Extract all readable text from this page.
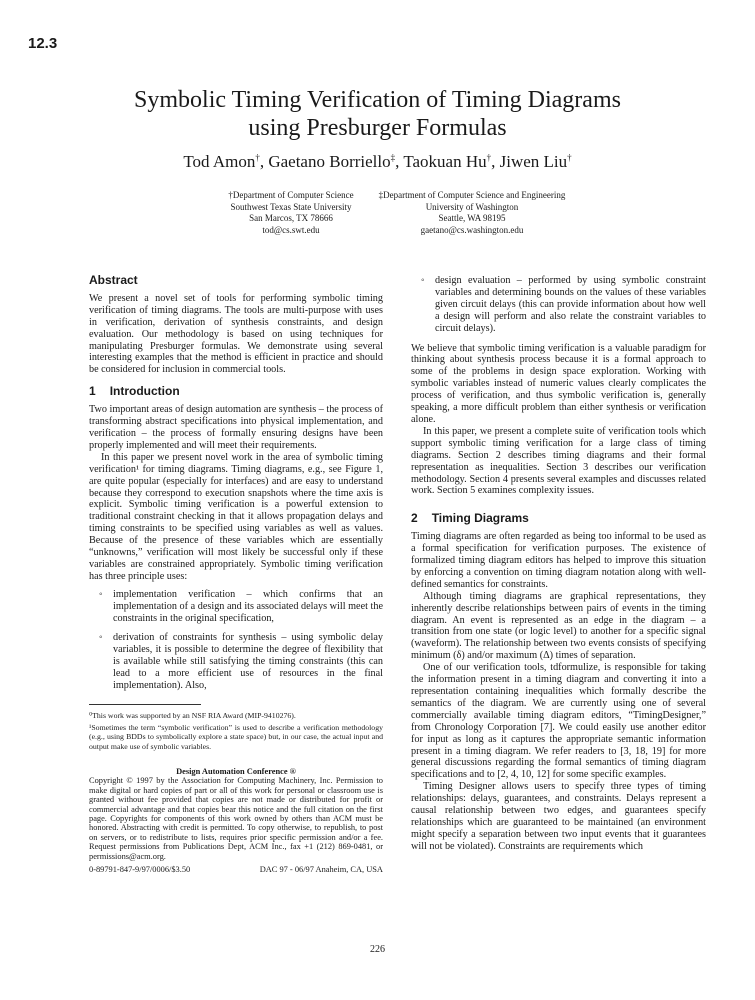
12.3
Symbolic Timing Verification of Timing Diagrams
using Presburger Formulas
Tod Amon†, Gaetano Borriello‡, Taokuan Hu†, Jiwen Liu†
†Department of Computer Science
Southwest Texas State University
San Marcos, TX 78666
tod@cs.swt.edu
‡Department of Computer Science and Engineering
University of Washington
Seattle, WA 98195
gaetano@cs.washington.edu
Abstract

We present a novel set of tools for performing symbolic timing verification of timing diagrams. The tools are multi-purpose with uses in verification, derivation of synthesis constraints, and design evaluation. Our methodology is based on using techniques for manipulating Presburger formulas. We demonstrate using several interesting examples that the method is efficient in practice and should be considered for inclusion in commercial tools.

1 Introduction

Two important areas of design automation are synthesis – the process of transforming abstract specifications into physical implementation, and verification – the process of formally ensuring designs have been properly implemented and will meet their requirements.

In this paper we present novel work in the area of symbolic timing verification¹ for timing diagrams. Timing diagrams, e.g., see Figure 1, are quite popular (especially for interfaces) and are easy to understand because they correspond to execution snapshots where the time axis is explicit. Symbolic timing verification is a powerful extension to traditional constraint checking in that it allows propagation delays and timing constraints to be specified using variables as well as values. Because of the presence of these variables which are essentially “unknowns,” verification will most likely be successful only if these variables are constrained appropriately. Symbolic timing verification has three principle uses:

◦ implementation verification – which confirms that an implementation of a design and its associated delays will meet the constraints in the original specification,
◦ derivation of constraints for synthesis – using symbolic delay variables, it is possible to determine the degree of flexibility that is available while still satisfying the timing constraints (this can lead to a more efficient use of resources in the final implementation). Also,

⁰This work was supported by an NSF RIA Award (MIP-9410276).

¹Sometimes the term “symbolic verification” is used to describe a verification methodology (e.g., using BDDs to symbolically explore a state space) but, in our case, the actual input and output make use of symbolic variables.

Design Automation Conference ®

Copyright © 1997 by the Association for Computing Machinery, Inc. Permission to make digital or hard copies of part or all of this work for personal or classroom use is granted without fee provided that copies are not made or distributed for profit or commercial advantage and that copies bear this notice and the full citation on the first page. Copyrights for components of this work owned by others than ACM must be honored. Abstracting with credit is permitted. To copy otherwise, to republish, to post on servers, or to redistribute to lists, requires prior specific permission and/or a fee. Request permissions from Publications Dept, ACM Inc., fax +1 (212) 869-0481, or permissions@acm.org.

0-89791-847-9/97/0006/$3.50	DAC 97 - 06/97 Anaheim, CA, USA
◦ design evaluation – performed by using symbolic constraint variables and determining bounds on the values of these variables given circuit delays (this can provide information about how well a design will perform and also relate the constraint variables to circuit delays).

We believe that symbolic timing verification is a valuable paradigm for thinking about synthesis process because it is a formal approach to some of the problems in design space exploration. Working with symbolic variables instead of numeric values clearly complicates the process of verification, and thus symbolic verification is, generally speaking, a more difficult problem than either synthesis or verification alone.

In this paper, we present a complete suite of verification tools which support symbolic timing verification for a large class of timing diagrams. Section 2 describes timing diagrams and their formal representation as inequalities. Section 3 describes our verification methodology. Section 4 presents several examples and discusses related work. Section 5 examines complexity issues.

2 Timing Diagrams

Timing diagrams are often regarded as being too informal to be used as a formal specification for verification purposes. The existence of formalized timing diagram editors has helped to improve this situation by enforcing a convention on timing diagram notation along with well-defined semantics for constraints.

Although timing diagrams are graphical representations, they inherently describe relationships between pairs of events in the timing diagram. An event is represented as an edge in the diagram – a transition from one state (or logic level) to another for a specific signal (waveform). The relationship between two events consists of specifying minimum (δ) and/or maximum (Δ) times of separation.

One of our verification tools, tdformulize, is responsible for taking the information present in a timing diagram and converting it into a representation containing inequalities which formally describe the semantics of the diagram. We are currently using one of several commercially available timing diagram editors, “TimingDesigner,” from Chronology Corporation [7]. We could easily use another editor for input as long as it captures the appropriate semantic information present in a timing diagram. We refer readers to [3, 18, 19] for more general discussions regarding the formal semantics of timing diagram specifications and to [2, 4, 10, 12] for some specific examples.

Timing Designer allows users to specify three types of timing relationships: delays, guarantees, and constraints. Delays represent a causal relationship between two edges, and guarantees specify relationships which are guaranteed to be maintained (an environment might specify a separation between two input events that it guarantees will not be violated). Constraints are requirements which

226
